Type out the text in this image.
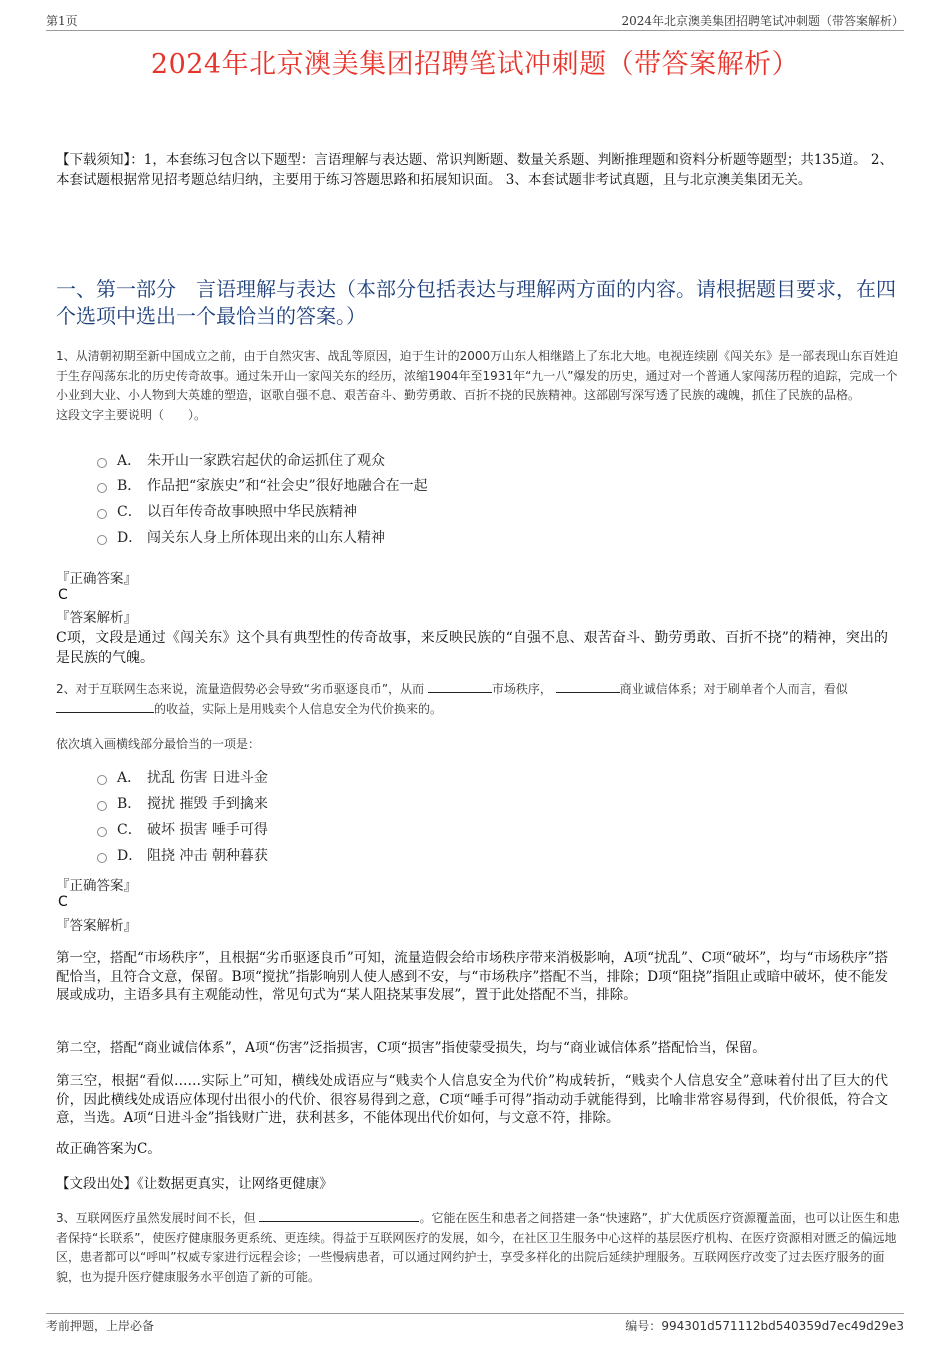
第1页	2024年北京澳美集团招聘笔试冲刺题（带答案解析）
2024年北京澳美集团招聘笔试冲刺题（带答案解析）
【下载须知】：1，本套练习包含以下题型：言语理解与表达题、常识判断题、数量关系题、判断推理题和资料分析题等题型；共135道。 2、本套试题根据常见招考题总结归纳，主要用于练习答题思路和拓展知识面。 3、本套试题非考试真题，且与北京澳美集团无关。
一、第一部分　言语理解与表达（本部分包括表达与理解两方面的内容。请根据题目要求，在四个选项中选出一个最恰当的答案。）
1、从清朝初期至新中国成立之前，由于自然灾害、战乱等原因，迫于生计的2000万山东人相继踏上了东北大地。电视连续剧《闯关东》是一部表现山东百姓迫于生存闯荡东北的历史传奇故事。通过朱开山一家闯关东的经历，浓缩1904年至1931年“九一八”爆发的历史，通过对一个普通人家闯荡历程的追踪，完成一个小业到大业、小人物到大英雄的塑造，讴歌自强不息、艰苦奋斗、勤劳勇敢、百折不挠的民族精神。这部剧写深写透了民族的魂魄，抓住了民族的品格。
这段文字主要说明（　　）。
A． 朱开山一家跌宕起伏的命运抓住了观众
B． 作品把“家族史”和“社会史”很好地融合在一起
C． 以百年传奇故事映照中华民族精神
D． 闯关东人身上所体现出来的山东人精神
『正确答案』
C
『答案解析』
C项，文段是通过《闯关东》这个具有典型性的传奇故事，来反映民族的“自强不息、艰苦奋斗、勤劳勇敢、百折不挠”的精神，突出的是民族的气魄。
2、对于互联网生态来说，流量造假势必会导致“劣币驱逐良币”，从而	市场秩序，	商业诚信体系；对于刷单者个人而言，看似 的收益，实际上是用贱卖个人信息安全为代价换来的。
依次填入画横线部分最恰当的一项是：
A． 扰乱 伤害 日进斗金
B． 搅扰 摧毁 手到擒来
C． 破坏 损害 唾手可得
D． 阻挠 冲击 朝种暮获
『正确答案』
C
『答案解析』
第一空，搭配“市场秩序”，且根据“劣币驱逐良币”可知，流量造假会给市场秩序带来消极影响，A项“扰乱”、C项“破坏”，均与“市场秩序”搭配恰当，且符合文意，保留。B项“搅扰”指影响别人使人感到不安，与“市场秩序”搭配不当，排除；D项“阻挠”指阻止或暗中破坏，使不能发展或成功，主语多具有主观能动性，常见句式为“某人阻挠某事发展”，置于此处搭配不当，排除。
第二空，搭配“商业诚信体系”，A项“伤害”泛指损害，C项“损害”指使蒙受损失，均与“商业诚信体系”搭配恰当，保留。
第三空，根据“看似……实际上”可知，横线处成语应与“贱卖个人信息安全为代价”构成转折，“贱卖个人信息安全”意味着付出了巨大的代价，因此横线处成语应体现付出很小的代价、很容易得到之意，C项“唾手可得”指动动手就能得到，比喻非常容易得到，代价很低，符合文意，当选。A项“日进斗金”指钱财广进，获利甚多，不能体现出代价如何，与文意不符，排除。
故正确答案为C。
【文段出处】《让数据更真实，让网络更健康》
3、互联网医疗虽然发展时间不长，但	。它能在医生和患者之间搭建一条“快速路”，扩大优质医疗资源覆盖面，也可以让医生和患者保持“长联系”，使医疗健康服务更系统、更连续。得益于互联网医疗的发展，如今，在社区卫生服务中心这样的基层医疗机构、在医疗资源相对匮乏的偏远地区，患者都可以“呼叫”权威专家进行远程会诊；一些慢病患者，可以通过网约护士，享受多样化的出院后延续护理服务。互联网医疗改变了过去医疗服务的面貌，也为提升医疗健康服务水平创造了新的可能。
考前押题，上岸必备	编号：994301d571112bd540359d7ec49d29e3
